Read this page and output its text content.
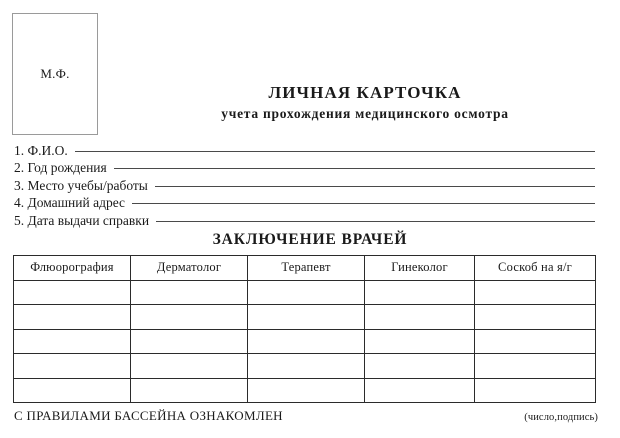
М.Ф.
ЛИЧНАЯ КАРТОЧКА
учета прохождения медицинского осмотра
1. Ф.И.О.
2. Год рождения
3. Место учебы/работы
4. Домашний адрес
5. Дата выдачи справки
ЗАКЛЮЧЕНИЕ ВРАЧЕЙ
Флюорография	Дерматолог	Терапевт	Гинеколог	Соскоб на я/г

С ПРАВИЛАМИ БАССЕЙНА ОЗНАКОМЛЕН	(число,подпись)
